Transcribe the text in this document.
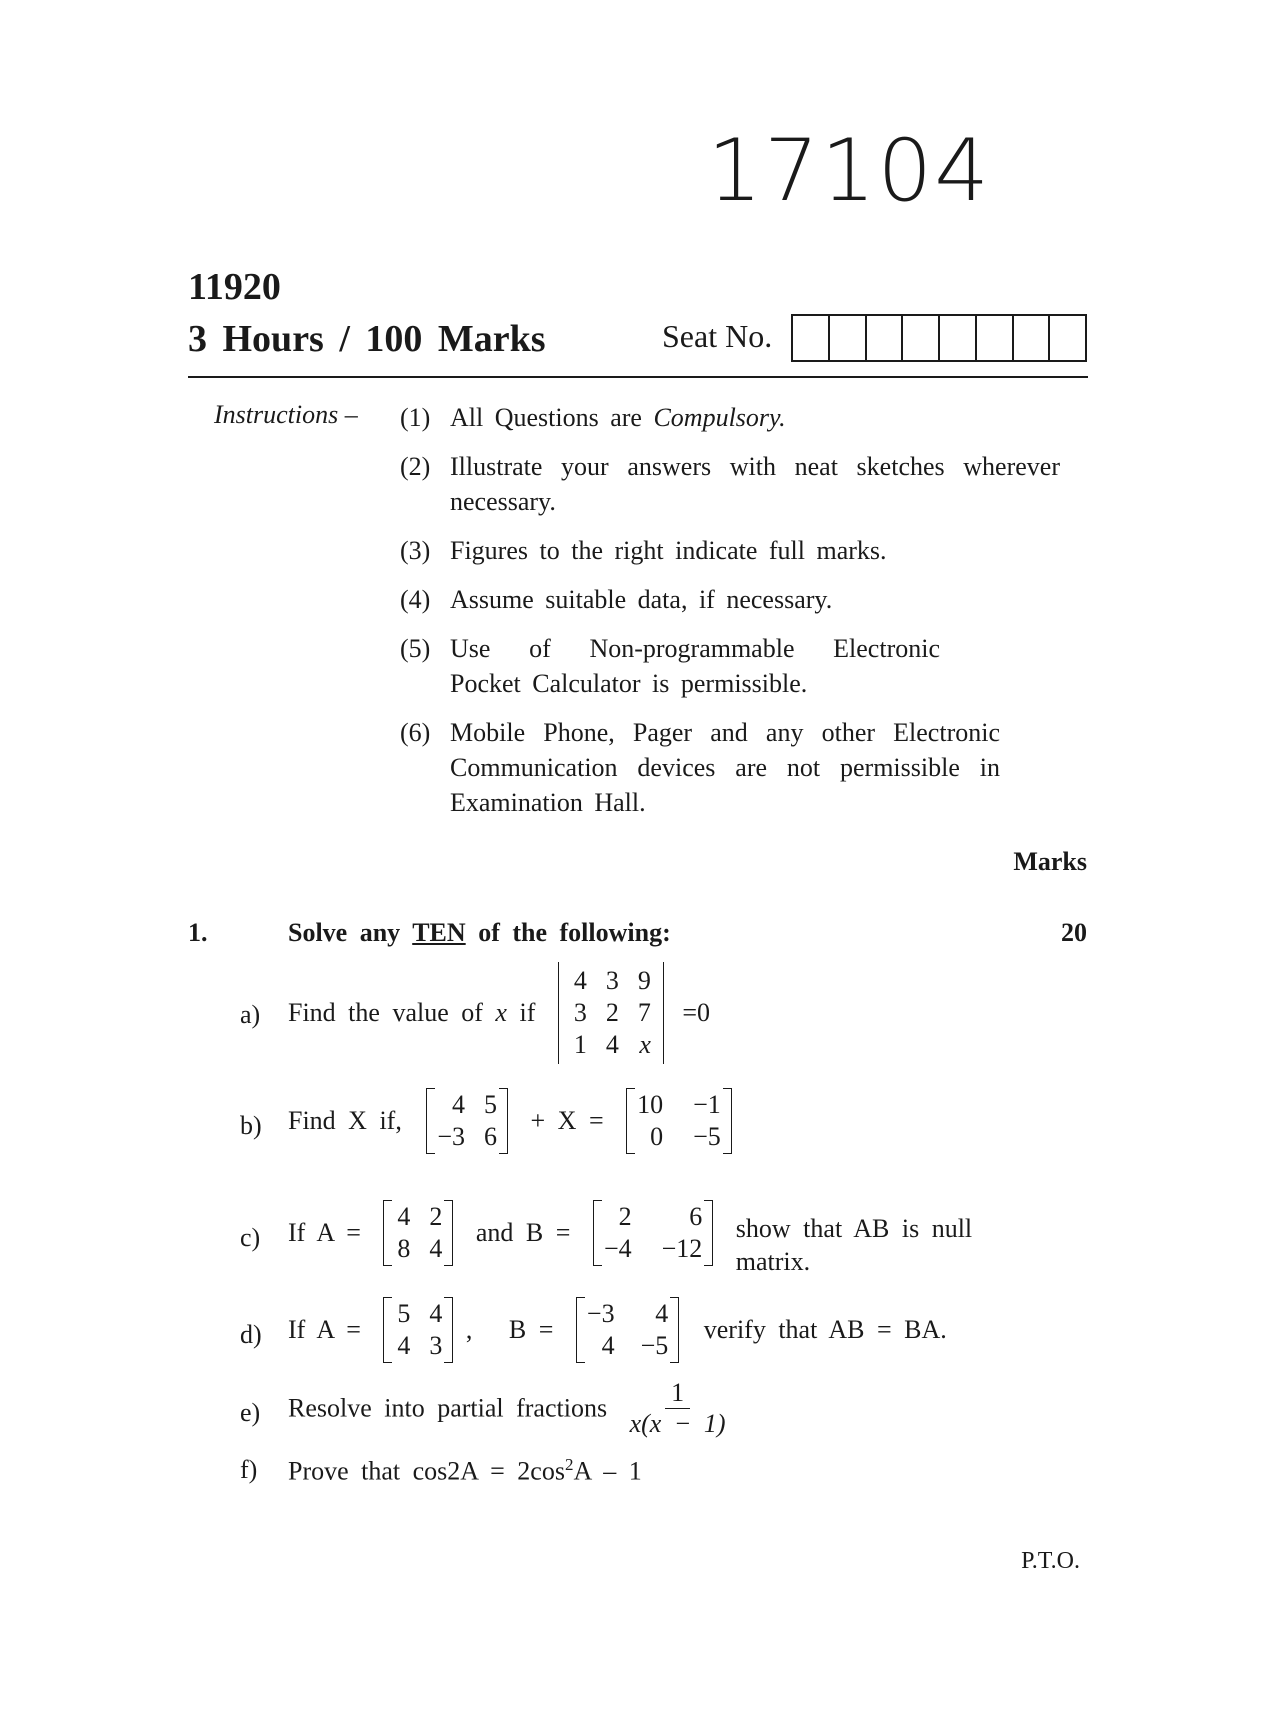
17104
11920
3 Hours / 100 Marks	Seat No.
Instructions – (1) All Questions are Compulsory.
(2) Illustrate your answers with neat sketches wherever necessary.
(3) Figures to the right indicate full marks.
(4) Assume suitable data, if necessary.
(5) Use of Non-programmable Electronic Pocket Calculator is permissible.
(6) Mobile Phone, Pager and any other Electronic Communication devices are not permissible in Examination Hall.
Marks
1.	Solve any TEN of the following:	20
a) Find the value of x if
4 3 9
3 2 7
1 4 x
=0
b) Find X if,
4 5
−3 6
+ X =
10 −1
0 −5
c) If A =
4 2
8 4
and B =
2	6
−4 −12
show that AB is null
matrix.
d) If A =
5 4
4 3
, B =
−3	4
4 −5
verify that AB = BA.
e) Resolve into partial fractions $\frac{1}{x(x - 1)}$
f) Prove that $\cos 2A = 2\cos^2A - 1$
P.T.O.
